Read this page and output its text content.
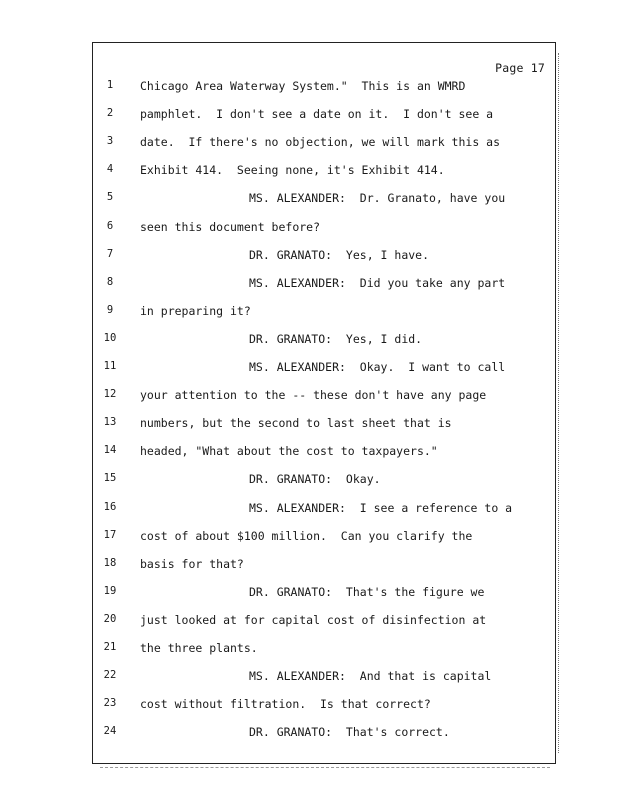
Page 17
1	Chicago Area Waterway System."  This is an WMRD
2	pamphlet.  I don't see a date on it.  I don't see a
3	date.  If there's no objection, we will mark this as
4	Exhibit 414.  Seeing none, it's Exhibit 414.
5	MS. ALEXANDER:  Dr. Granato, have you
6	seen this document before?
7	DR. GRANATO:  Yes, I have.
8	MS. ALEXANDER:  Did you take any part
9	in preparing it?
10	DR. GRANATO:  Yes, I did.
11	MS. ALEXANDER:  Okay.  I want to call
12 your attention to the -- these don't have any page
13 numbers, but the second to last sheet that is
14 headed, "What about the cost to taxpayers."
15	DR. GRANATO:  Okay.
16	MS. ALEXANDER:  I see a reference to a
17 cost of about $100 million.  Can you clarify the
18 basis for that?
19	DR. GRANATO:  That's the figure we
20 just looked at for capital cost of disinfection at
21 the three plants.
22	MS. ALEXANDER:  And that is capital
23 cost without filtration.  Is that correct?
24	DR. GRANATO:  That's correct.
